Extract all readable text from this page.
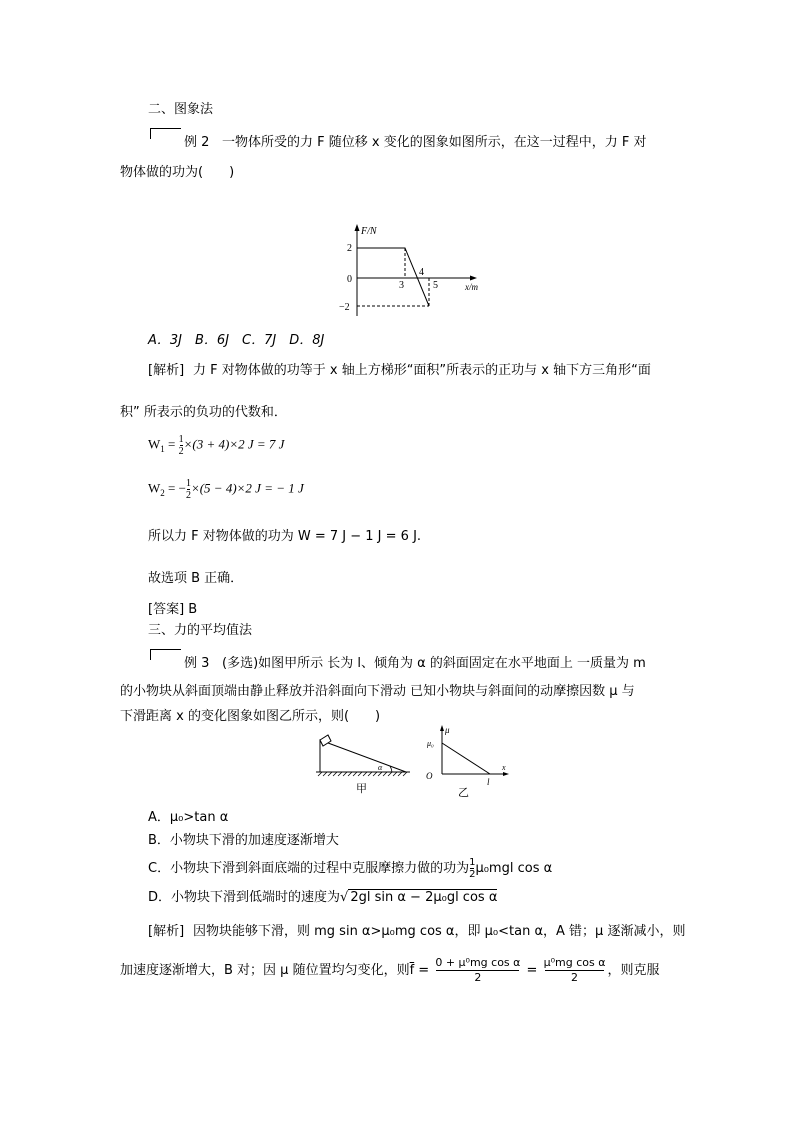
二、图象法
例 2 一物体所受的力 F 随位移 x 变化的图象如图所示，在这一过程中，力 F 对
物体做的功为(　　)
F/N
x/m
2
0
−2
3
4
5
A．3J　B．6J　C．7J　D．8J
[解析] 力 F 对物体做的功等于 x 轴上方梯形“面积”所表示的正功与 x 轴下方三角形“面
积” 所表示的负功的代数和．
$W_1 = \frac{1}{2} \times(3 + 4)\times 2$ J = 7 J
$W_2$ = − $\frac{1}{2} \times(5 - 4)\times 2$ J = − 1 J
所以力 F 对物体做的功为 W = 7 J − 1 J = 6 J.
故选项 B 正确．
[答案] B
三、力的平均值法
例 3 (多选)如图甲所示 长为 l、倾角为 α 的斜面固定在水平地面上 一质量为 m
的小物块从斜面顶端由静止释放并沿斜面向下滑动 已知小物块与斜面间的动摩擦因数 μ 与
下滑距离 x 的变化图象如图乙所示，则(　　)
α
甲
μ
μ₀
O
x
l
乙
A．μ₀>tan α
B．小物块下滑的加速度逐渐增大
C．小物块下滑到斜面底端的过程中克服摩擦力做的功为 $\frac{1}{2} \mu_0mgl$ cos α
D．小物块下滑到低端时的速度为√ 2gl sin α − 2μ₀gl cos α
[解析] 因物块能够下滑，则 mg sin α>μ₀mg cos α，即 μ₀<tan α，A 错；μ 逐渐减小，则
加速度逐渐增大，B 对；因 μ 随位置均匀变化，则$\overline{f} = \frac{\text{0 + μ⁰mg cos α}}{2} = \frac{\text{μ⁰mg cos α}}{2}$ ，则克服
